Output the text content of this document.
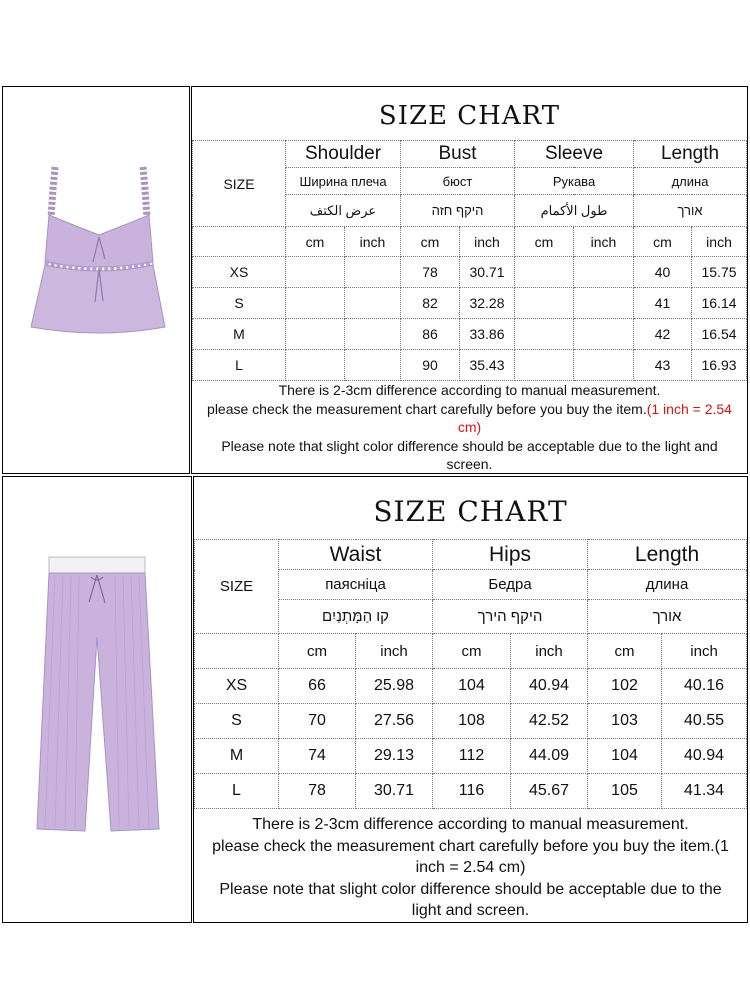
SIZE CHART
SIZE	Shoulder		Bust		Sleeve		Length	
	Ширина плеча		бюст		Рукава		длина	
	عرض الكتف		היקף חזה		طول الأكمام		אורך	
	cm	inch	cm	inch	cm	inch	cm	inch
XS			78	30.71			40	15.75
S			82	32.28			41	16.14
M			86	33.86			42	16.54
L			90	35.43			43	16.93
There is 2-3cm difference according to manual measurement.
please check the measurement chart carefully before you buy the item.(1 inch = 2.54 cm)
Please note that slight color difference should be acceptable due to the light and screen.
SIZE CHART
SIZE	Waist		Hips		Length	
	паясніца		Бедра		длина	
	קו הַמָּתְנַיִם		היקף הירך		אורך	
	cm	inch	cm	inch	cm	inch
XS	66	25.98	104	40.94	102	40.16
S	70	27.56	108	42.52	103	40.55
M	74	29.13	112	44.09	104	40.94
L	78	30.71	116	45.67	105	41.34
There is 2-3cm difference according to manual measurement.
please check the measurement chart carefully before you buy the item.(1 inch = 2.54 cm)
Please note that slight color difference should be acceptable due to the light and screen.
